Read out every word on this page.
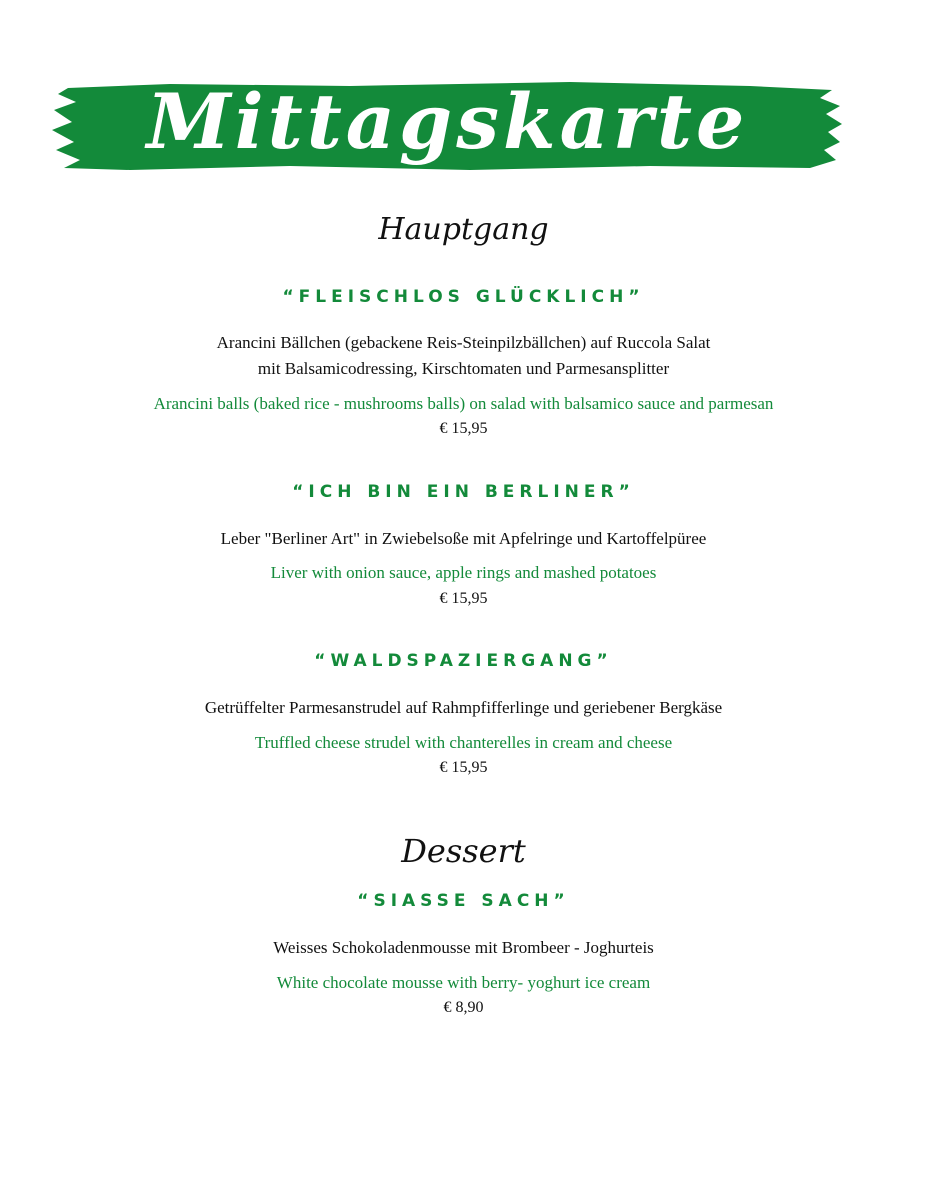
Mittagskarte
Hauptgang
“FLEISCHLOS GLÜCKLICH”
Arancini Bällchen (gebackene Reis-Steinpilzbällchen) auf Ruccola Salat
mit Balsamicodressing, Kirschtomaten und Parmesansplitter
Arancini balls (baked rice - mushrooms balls) on salad with balsamico sauce and parmesan
€ 15,95
“ICH BIN EIN BERLINER”
Leber "Berliner Art" in Zwiebelsoße mit Apfelringe und Kartoffelpüree
Liver with onion sauce, apple rings and mashed potatoes
€ 15,95
“WALDSPAZIERGANG”
Getrüffelter Parmesanstrudel auf Rahmpfifferlinge und geriebener Bergkäse
Truffled cheese strudel with chanterelles in cream and cheese
€ 15,95
Dessert
“SIASSE SACH”
Weisses Schokoladenmousse mit Brombeer - Joghurteis
White chocolate mousse with berry- yoghurt ice cream
€ 8,90
